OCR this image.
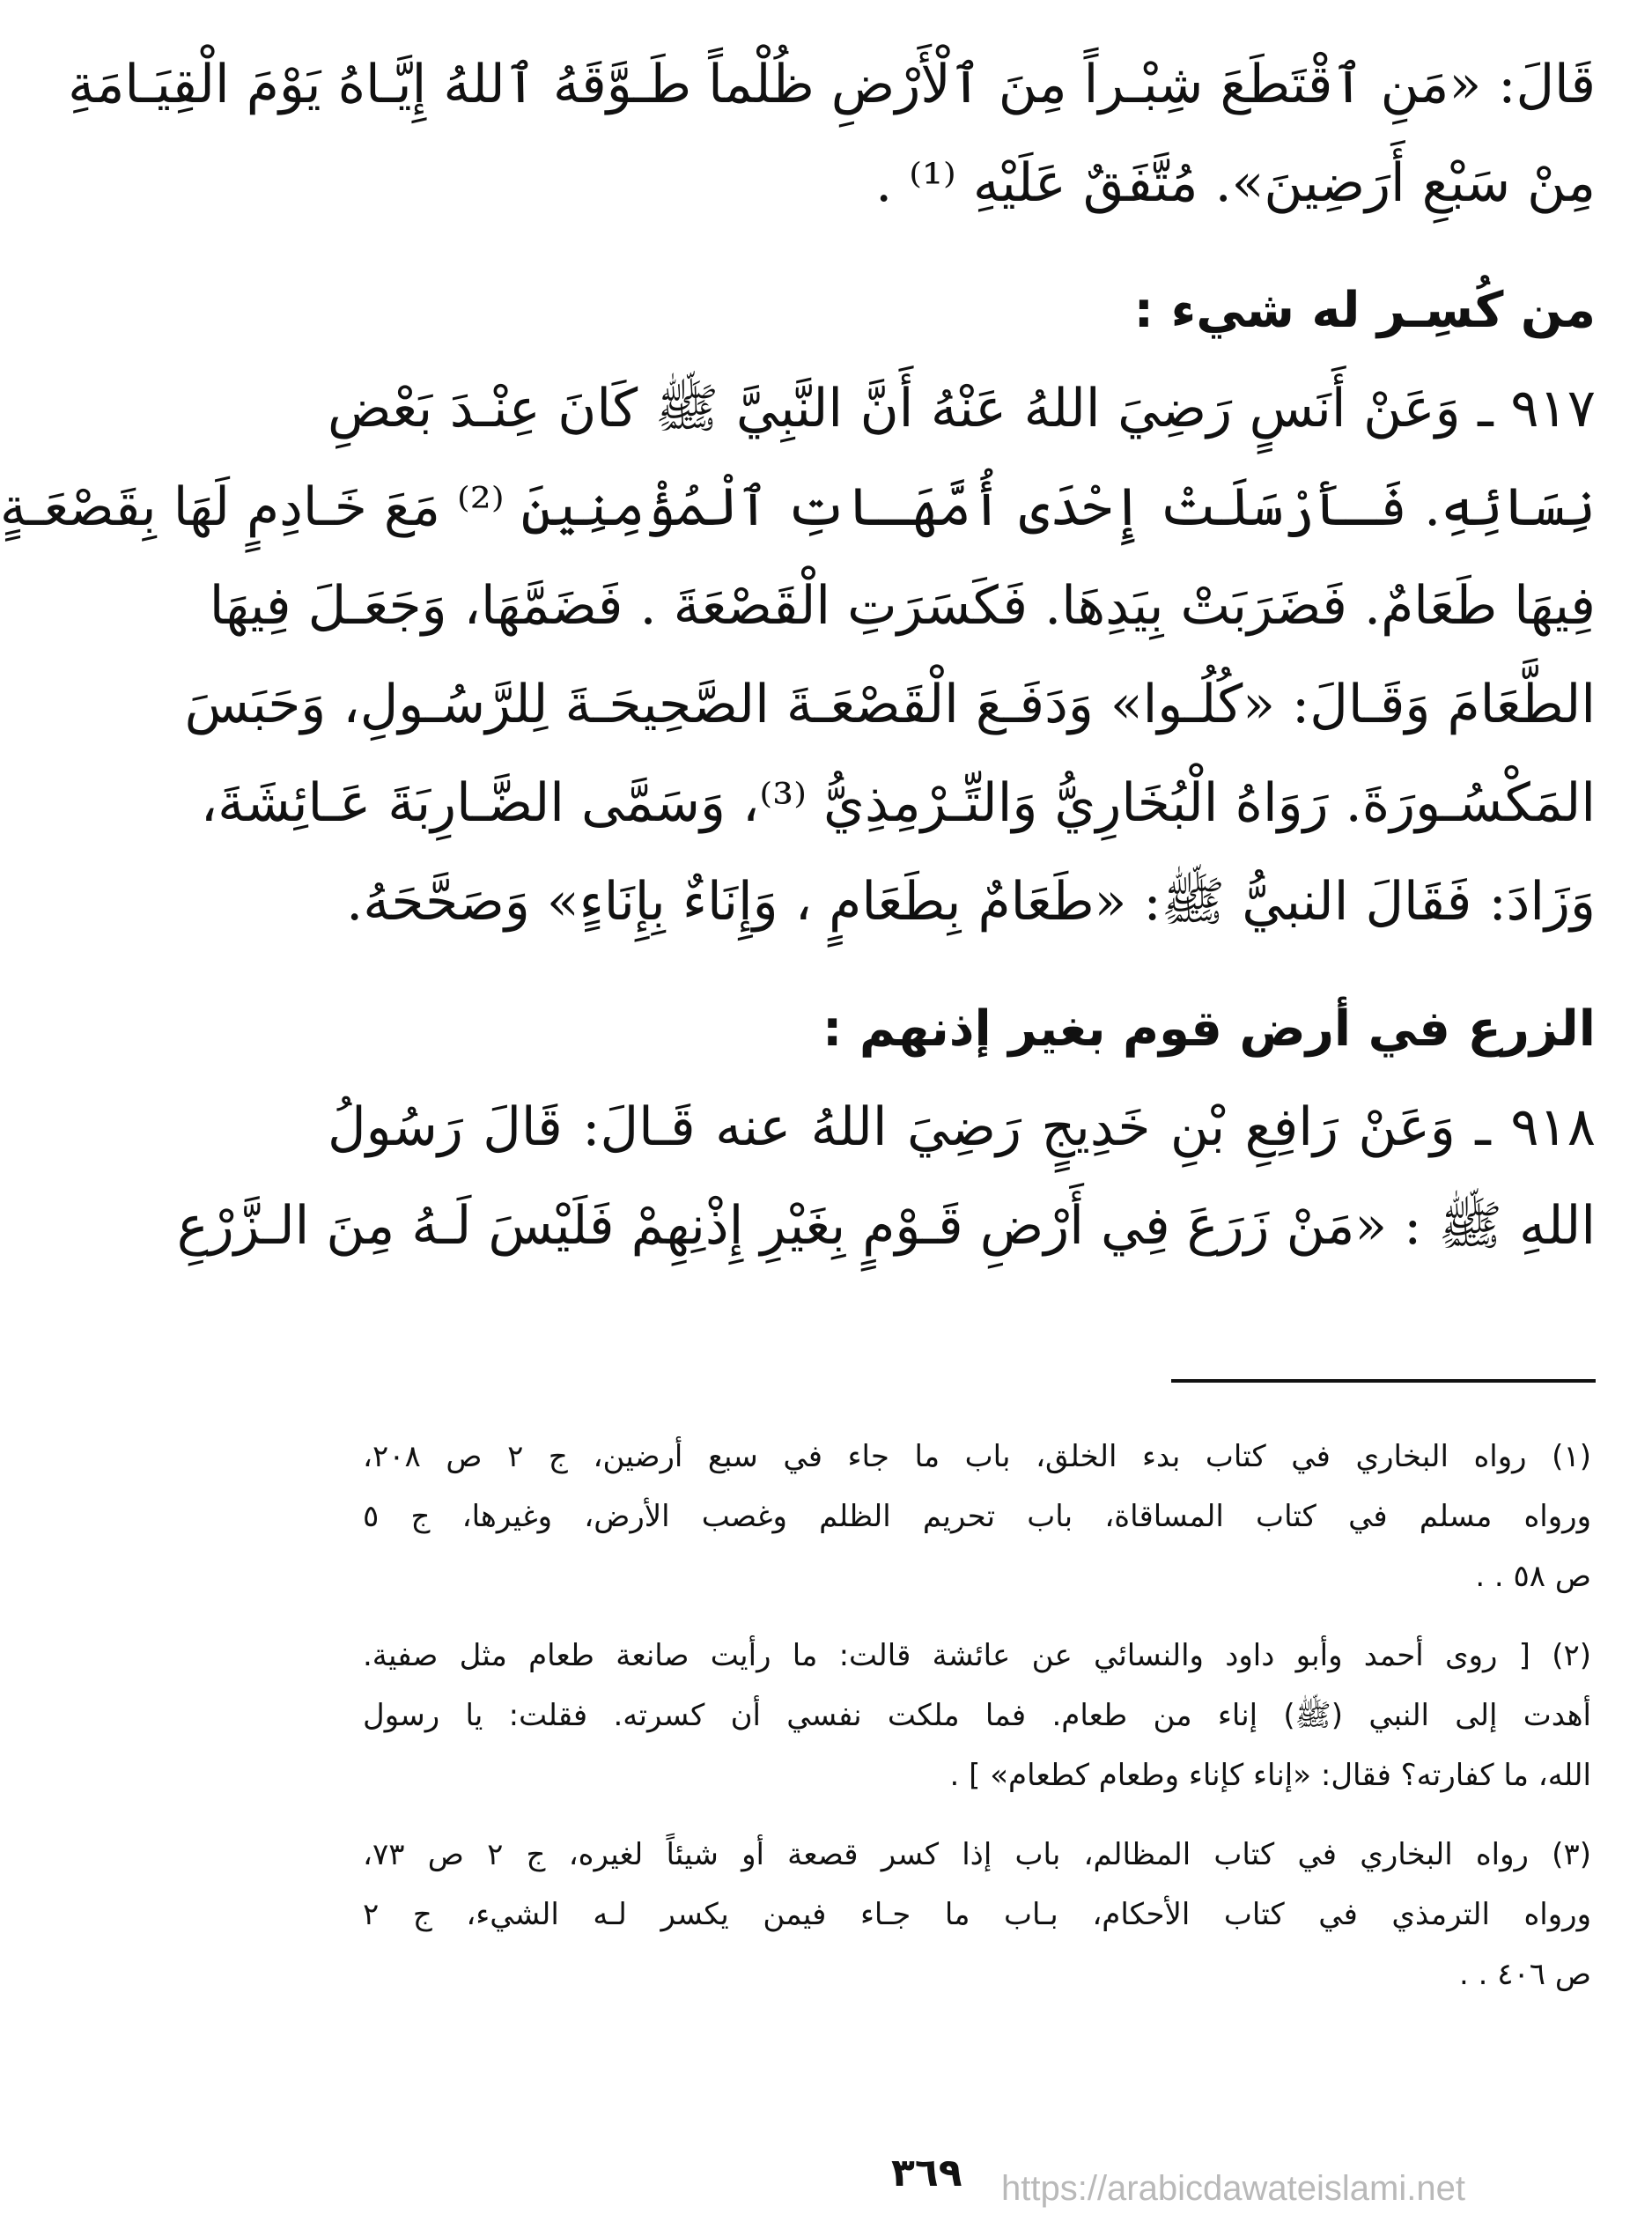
قَالَ: «مَنِ ٱقْتَطَعَ شِبْـراً مِنَ ٱلْأَرْضِ ظُلْماً طَـوَّقَهُ ٱللهُ إِيَّـاهُ يَوْمَ الْقِيَـامَةِ
مِنْ سَبْعِ أَرَضِينَ». مُتَّفَقٌ عَلَيْهِ ⁽¹⁾ .
من كُسِـر له شيء :
٩١٧ ـ وَعَنْ أَنَسٍ رَضِيَ اللهُ عَنْهُ أَنَّ النَّبِيَّ ﷺ كَانَ عِنْـدَ بَعْضِ
نِسَائِهِ. فَـأَرْسَلَتْ إِحْدَى أُمَّهَـاتِ ٱلْمُؤْمِنِينَ ⁽²⁾ مَعَ خَـادِمٍ لَهَا بِقَصْعَـةٍ
فِيهَا طَعَامٌ. فَضَرَبَتْ بِيَدِهَا. فَكَسَرَتِ الْقَصْعَةَ . فَضَمَّهَا، وَجَعَـلَ فِيهَا
الطَّعَامَ وَقَـالَ: «كُلُـوا» وَدَفَـعَ الْقَصْعَـةَ الصَّحِيحَـةَ لِلرَّسُـولِ، وَحَبَسَ
المَكْسُـورَةَ. رَوَاهُ الْبُخَارِيُّ وَالتِّـرْمِذِيُّ ⁽³⁾، وَسَمَّى الضَّـارِبَةَ عَـائِشَةَ،
وَزَادَ: فَقَالَ النبيُّ ﷺ: «طَعَامٌ بِطَعَامٍ ، وَإِنَاءٌ بِإِنَاءٍ» وَصَحَّحَهُ.
الزرع في أرض قوم بغير إذنهم :
٩١٨ ـ وَعَنْ رَافِعِ بْنِ خَدِيجٍ رَضِيَ اللهُ عنه قَـالَ: قَالَ رَسُولُ
اللهِ ﷺ : «مَنْ زَرَعَ فِي أَرْضِ قَـوْمٍ بِغَيْرِ إِذْنِهِمْ فَلَيْسَ لَـهُ مِنَ الـزَّرْعِ
(١) رواه البخاري في كتاب بدء الخلق، باب ما جاء في سبع أرضين، ج ٢ ص ٢٠٨،
ورواه مسلم في كتاب المساقاة، باب تحريم الظلم وغصب الأرض، وغيرها، ج ٥
ص ٥٨ . .
(٢) [ روى أحمد وأبو داود والنسائي عن عائشة قالت: ما رأيت صانعة طعام مثل صفية.
أهدت إلى النبي (ﷺ) إناء من طعام. فما ملكت نفسي أن كسرته. فقلت: يا رسول
الله، ما كفارته؟ فقال: «إناء كإناء وطعام كطعام» ] .
(٣) رواه البخاري في كتاب المظالم، باب إذا كسر قصعة أو شيئاً لغيره، ج ٢ ص ٧٣،
ورواه الترمذي في كتاب الأحكام، بـاب ما جـاء فيمن يكسر لـه الشيء، ج ٢
ص ٤٠٦ . .
٣٦٩ https://arabicdawateislami.net
